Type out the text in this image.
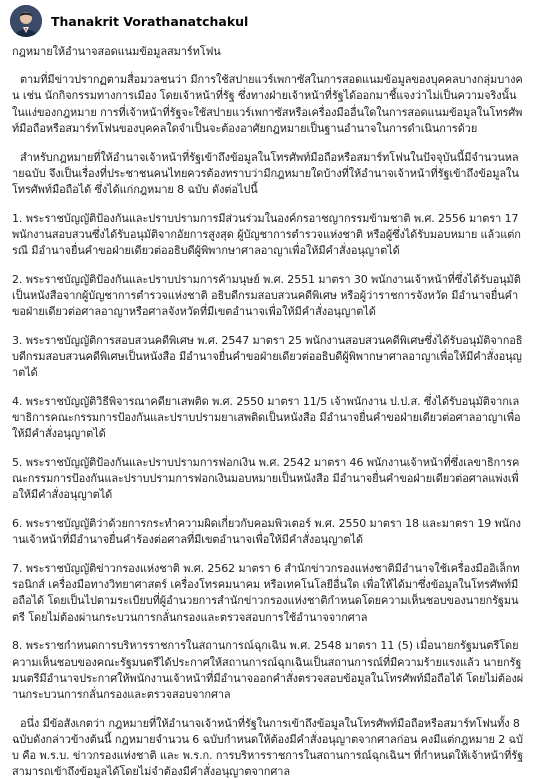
Thanakrit Vorathanatchakul

กฎหมายให้อำนาจสอดแนมข้อมูลสมาร์ทโฟน

ตามที่มีข่าวปรากฏตามสื่อมวลชนว่า มีการใช้สปายแวร์เพกาซัสในการสอดแนมข้อมูลของบุคคลบางกลุ่มบางคน เช่น นักกิจกรรมทางการเมือง โดยเจ้าหน้าที่รัฐ ซึ่งทางฝ่ายเจ้าหน้าที่รัฐได้ออกมาชี้แจงว่าไม่เป็นความจริงนั้น ในแง่ของกฎหมาย การที่เจ้าหน้าที่รัฐจะใช้สปายแวร์เพกาซัสหรือเครื่องมืออื่นใดในการสอดแนมข้อมูลในโทรศัพท์มือถือหรือสมาร์ทโฟนของบุคคลใดจำเป็นจะต้องอาศัยกฎหมายเป็นฐานอำนาจในการดำเนินการด้วย

สำหรับกฎหมายที่ให้อำนาจเจ้าหน้าที่รัฐเข้าถึงข้อมูลในโทรศัพท์มือถือหรือสมาร์ทโฟนในปัจจุบันนี้มีจำนวนหลายฉบับ จึงเป็นเรื่องที่ประชาชนคนไทยควรต้องทราบว่ามีกฎหมายใดบ้างที่ให้อำนาจเจ้าหน้าที่รัฐเข้าถึงข้อมูลในโทรศัพท์มือถือได้ ซึ่งได้แก่กฎหมาย 8 ฉบับ ดังต่อไปนี้

1. พระราชบัญญัติป้องกันและปราบปรามการมีส่วนร่วมในองค์กรอาชญากรรมข้ามชาติ พ.ศ. 2556 มาตรา 17 พนักงานสอบสวนซึ่งได้รับอนุมัติจากอัยการสูงสุด ผู้บัญชาการตำรวจแห่งชาติ หรือผู้ซึ่งได้รับมอบหมาย แล้วแต่กรณี มีอำนาจยื่นคำขอฝ่ายเดียวต่ออธิบดีผู้พิพากษาศาลอาญาเพื่อให้มีคำสั่งอนุญาตได้

2. พระราชบัญญัติป้องกันและปราบปรามการค้ามนุษย์ พ.ศ. 2551 มาตรา 30 พนักงานเจ้าหน้าที่ซึ่งได้รับอนุมัติเป็นหนังสือจากผู้บัญชาการตำรวจแห่งชาติ อธิบดีกรมสอบสวนคดีพิเศษ หรือผู้ว่าราชการจังหวัด มีอำนาจยื่นคำขอฝ่ายเดียวต่อศาลอาญาหรือศาลจังหวัดที่มีเขตอำนาจเพื่อให้มีคำสั่งอนุญาตได้

3. พระราชบัญญัติการสอบสวนคดีพิเศษ พ.ศ. 2547 มาตรา 25 พนักงานสอบสวนคดีพิเศษซึ่งได้รับอนุมัติจากอธิบดีกรมสอบสวนคดีพิเศษเป็นหนังสือ มีอำนาจยื่นคำขอฝ่ายเดียวต่ออธิบดีผู้พิพากษาศาลอาญาเพื่อให้มีคำสั่งอนุญาตได้

4. พระราชบัญญัติวิธีพิจารณาคดียาเสพติด พ.ศ. 2550 มาตรา 11/5 เจ้าพนักงาน ป.ป.ส. ซึ่งได้รับอนุมัติจากเลขาธิการคณะกรรมการป้องกันและปราบปรามยาเสพติดเป็นหนังสือ มีอำนาจยื่นคำขอฝ่ายเดียวต่อศาลอาญาเพื่อให้มีคำสั่งอนุญาตได้

5. พระราชบัญญัติป้องกันและปราบปรามการฟอกเงิน พ.ศ. 2542 มาตรา 46 พนักงานเจ้าหน้าที่ซึ่งเลขาธิการคณะกรรมการป้องกันและปราบปรามการฟอกเงินมอบหมายเป็นหนังสือ มีอำนาจยื่นคำขอฝ่ายเดียวต่อศาลแพ่งเพื่อให้มีคำสั่งอนุญาตได้

6. พระราชบัญญัติว่าด้วยการกระทำความผิดเกี่ยวกับคอมพิวเตอร์ พ.ศ. 2550 มาตรา 18 และมาตรา 19 พนักงานเจ้าหน้าที่มีอำนาจยื่นคำร้องต่อศาลที่มีเขตอำนาจเพื่อให้มีคำสั่งอนุญาตได้

7. พระราชบัญญัติข่าวกรองแห่งชาติ พ.ศ. 2562 มาตรา 6 สำนักข่าวกรองแห่งชาติมีอำนาจใช้เครื่องมืออิเล็กทรอนิกส์ เครื่องมือทางวิทยาศาสตร์ เครื่องโทรคมนาคม หรือเทคโนโลยีอื่นใด เพื่อให้ได้มาซึ่งข้อมูลในโทรศัพท์มือถือได้ โดยเป็นไปตามระเบียบที่ผู้อำนวยการสำนักข่าวกรองแห่งชาติกำหนดโดยความเห็นชอบของนายกรัฐมนตรี โดยไม่ต้องผ่านกระบวนการกลั่นกรองและตรวจสอบการใช้อำนาจจากศาล

8. พระราชกำหนดการบริหารราชการในสถานการณ์ฉุกเฉิน พ.ศ. 2548 มาตรา 11 (5) เมื่อนายกรัฐมนตรีโดยความเห็นชอบของคณะรัฐมนตรีได้ประกาศให้สถานการณ์ฉุกเฉินเป็นสถานการณ์ที่มีความร้ายแรงแล้ว นายกรัฐมนตรีมีอำนาจประกาศให้พนักงานเจ้าหน้าที่มีอำนาจออกคำสั่งตรวจสอบข้อมูลในโทรศัพท์มือถือได้ โดยไม่ต้องผ่านกระบวนการกลั่นกรองและตรวจสอบจากศาล

อนึ่ง มีข้อสังเกตว่า กฎหมายที่ให้อำนาจเจ้าหน้าที่รัฐในการเข้าถึงข้อมูลในโทรศัพท์มือถือหรือสมาร์ทโฟนทั้ง 8 ฉบับดังกล่าวข้างต้นนี้ กฎหมายจำนวน 6 ฉบับกำหนดให้ต้องมีคำสั่งอนุญาตจากศาลก่อน คงมีแต่กฎหมาย 2 ฉบับ คือ พ.ร.บ. ข่าวกรองแห่งชาติ และ พ.ร.ก. การบริหารราชการในสถานการณ์ฉุกเฉินฯ ที่กำหนดให้เจ้าหน้าที่รัฐสามารถเข้าถึงข้อมูลได้โดยไม่จำต้องมีคำสั่งอนุญาตจากศาล
